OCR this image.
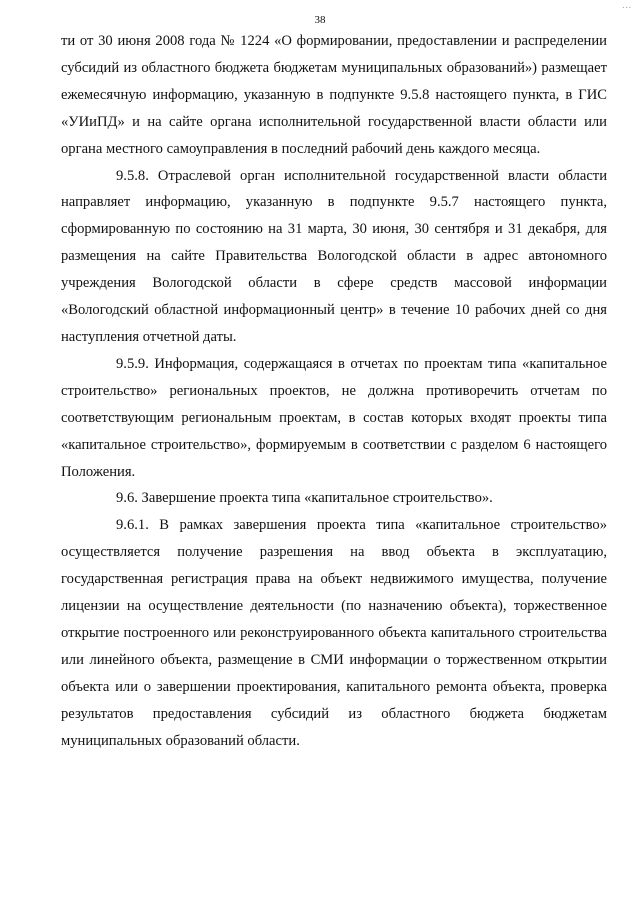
...
38

ти от 30 июня 2008 года № 1224 «О формировании, предоставлении и распределении субсидий из областного бюджета бюджетам муниципальных образований») размещает ежемесячную информацию, указанную в подпункте 9.5.8 настоящего пункта, в ГИС «УИиПД» и на сайте органа исполнительной государственной власти области или органа местного самоуправления в последний рабочий день каждого месяца.

9.5.8. Отраслевой орган исполнительной государственной власти области направляет информацию, указанную в подпункте 9.5.7 настоящего пункта, сформированную по состоянию на 31 марта, 30 июня, 30 сентября и 31 декабря, для размещения на сайте Правительства Вологодской области в адрес автономного учреждения Вологодской области в сфере средств массовой информации «Вологодский областной информационный центр» в течение 10 рабочих дней со дня наступления отчетной даты.

9.5.9. Информация, содержащаяся в отчетах по проектам типа «капитальное строительство» региональных проектов, не должна противоречить отчетам по соответствующим региональным проектам, в состав которых входят проекты типа «капитальное строительство», формируемым в соответствии с разделом 6 настоящего Положения.

9.6. Завершение проекта типа «капитальное строительство».

9.6.1. В рамках завершения проекта типа «капитальное строительство» осуществляется получение разрешения на ввод объекта в эксплуатацию, государственная регистрация права на объект недвижимого имущества, получение лицензии на осуществление деятельности (по назначению объекта), торжественное открытие построенного или реконструированного объекта капитального строительства или линейного объекта, размещение в СМИ информации о торжественном открытии объекта или о завершении проектирования, капитального ремонта объекта, проверка результатов предоставления субсидий из областного бюджета бюджетам муниципальных образований области.
